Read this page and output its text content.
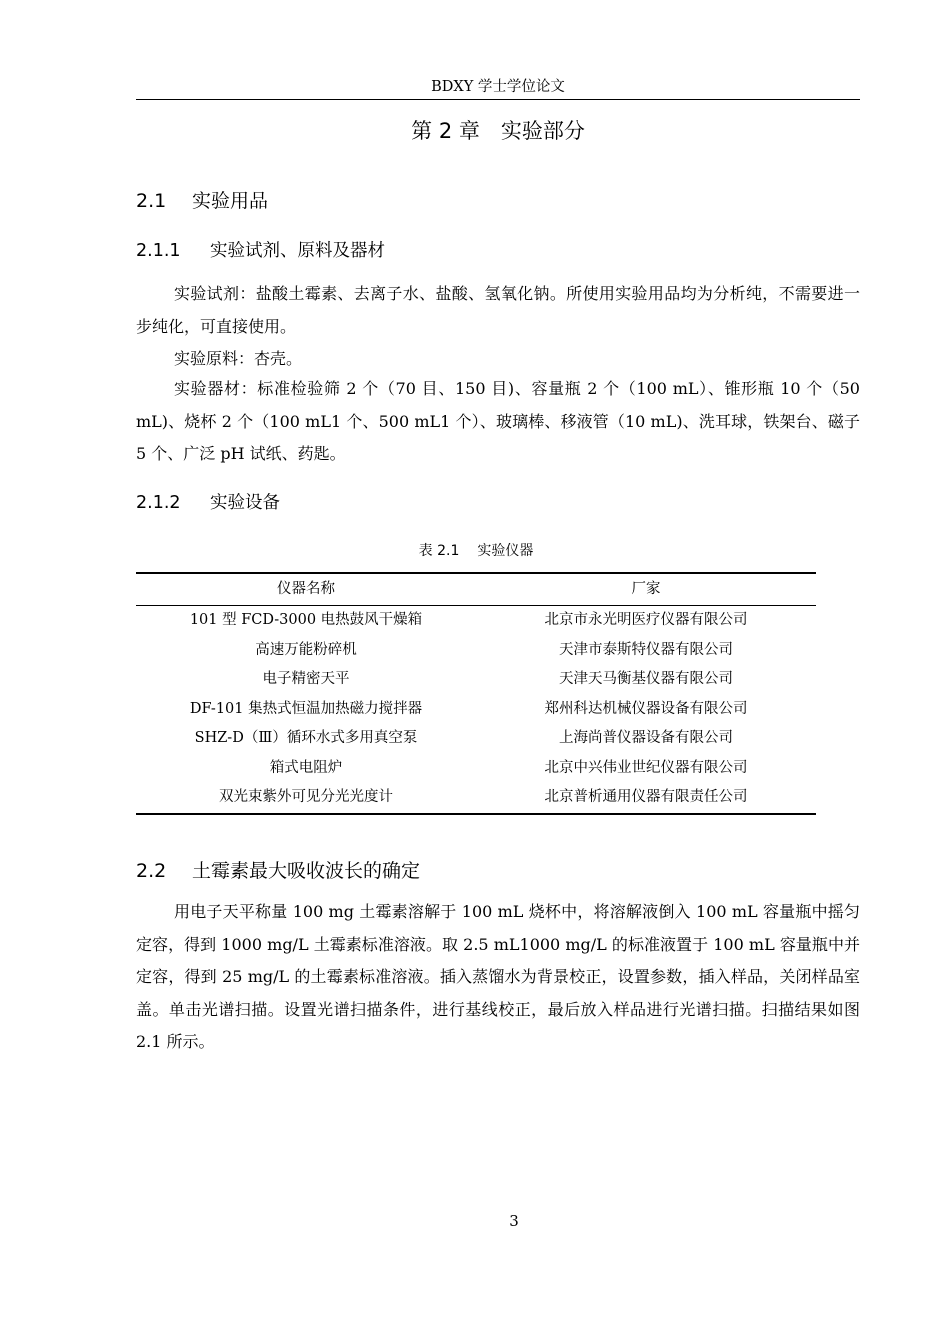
BDXY 学士学位论文
第 2 章　实验部分
2.1 实验用品
2.1.1 实验试剂、原料及器材

实验试剂：盐酸土霉素、去离子水、盐酸、氢氧化钠。所使用实验用品均为分析纯，不需要进一步纯化，可直接使用。

实验原料：杏壳。

实验器材：标准检验筛 2 个（70 目、150 目)、容量瓶 2 个（100 mL）、锥形瓶 10 个（50 mL)、烧杯 2 个（100 mL1 个、500 mL1 个）、玻璃棒、移液管（10 mL)、洗耳球，铁架台、磁子 5 个、广泛 pH 试纸、药匙。

2.1.2 实验设备
表 2.1 实验仪器
仪器名称	厂家
101 型 FCD-3000 电热鼓风干燥箱	北京市永光明医疗仪器有限公司
高速万能粉碎机	天津市泰斯特仪器有限公司
电子精密天平	天津天马衡基仪器有限公司
DF-101 集热式恒温加热磁力搅拌器	郑州科达机械仪器设备有限公司
SHZ-D（Ⅲ）循环水式多用真空泵	上海尚普仪器设备有限公司
箱式电阻炉	北京中兴伟业世纪仪器有限公司
双光束紫外可见分光光度计	北京普析通用仪器有限责任公司
2.2 土霉素最大吸收波长的确定

用电子天平称量 100 mg 土霉素溶解于 100 mL 烧杯中，将溶解液倒入 100 mL 容量瓶中摇匀定容，得到 1000 mg/L 土霉素标准溶液。取 2.5 mL1000 mg/L 的标准液置于 100 mL 容量瓶中并定容，得到 25 mg/L 的土霉素标准溶液。插入蒸馏水为背景校正，设置参数，插入样品，关闭样品室盖。单击光谱扫描。设置光谱扫描条件，进行基线校正，最后放入样品进行光谱扫描。扫描结果如图 2.1 所示。

3
